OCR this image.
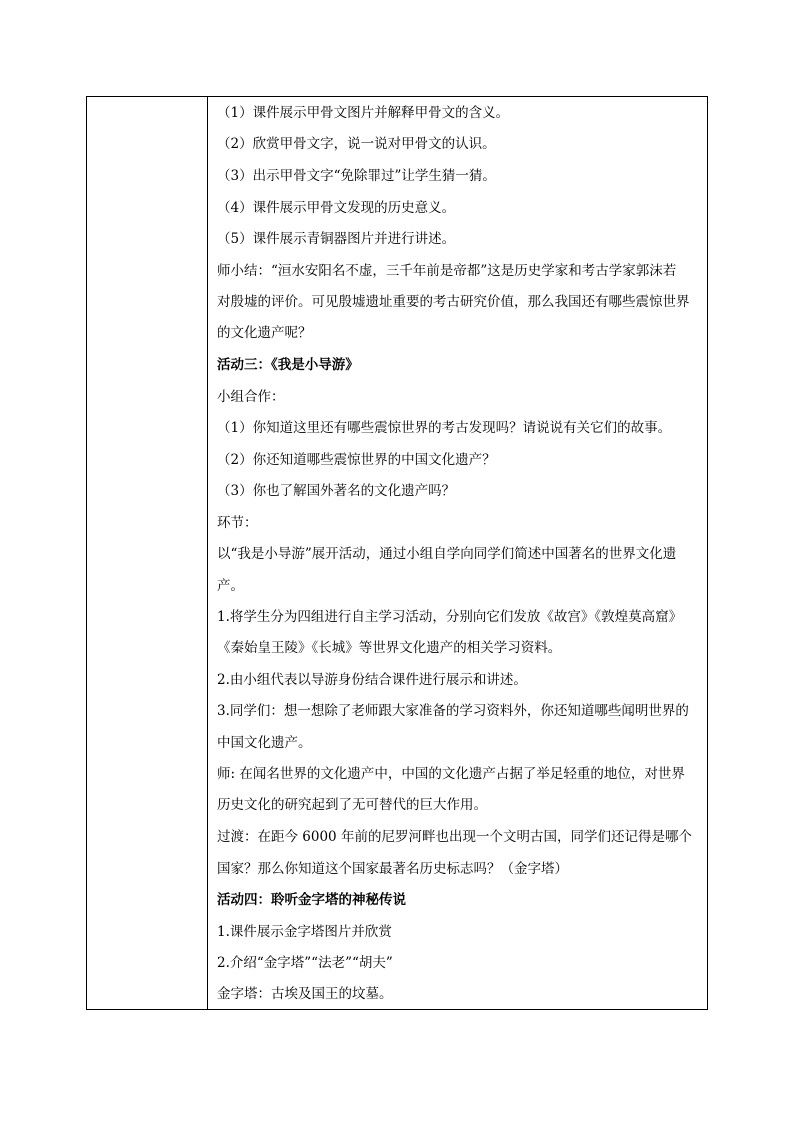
（1）课件展示甲骨文图片并解释甲骨文的含义。
（2）欣赏甲骨文字，说一说对甲骨文的认识。
（3）出示甲骨文字“免除罪过”让学生猜一猜。
（4）课件展示甲骨文发现的历史意义。
（5）课件展示青铜器图片并进行讲述。
师小结：“洹水安阳名不虚，三千年前是帝都”这是历史学家和考古学家郭沫若
对殷墟的评价。可见殷墟遗址重要的考古研究价值，那么我国还有哪些震惊世界
的文化遗产呢？
活动三：《我是小导游》
小组合作：
（1）你知道这里还有哪些震惊世界的考古发现吗？请说说有关它们的故事。
（2）你还知道哪些震惊世界的中国文化遗产？
（3）你也了解国外著名的文化遗产吗？
环节：
以“我是小导游”展开活动，通过小组自学向同学们简述中国著名的世界文化遗
产。
1.将学生分为四组进行自主学习活动，分别向它们发放《故宫》《敦煌莫高窟》
《秦始皇王陵》《长城》等世界文化遗产的相关学习资料。
2.由小组代表以导游身份结合课件进行展示和讲述。
3.同学们：想一想除了老师跟大家准备的学习资料外，你还知道哪些闻明世界的
中国文化遗产。
师: 在闻名世界的文化遗产中，中国的文化遗产占据了举足轻重的地位，对世界
历史文化的研究起到了无可替代的巨大作用。
过渡：在距今 6000 年前的尼罗河畔也出现一个文明古国，同学们还记得是哪个
国家？那么你知道这个国家最著名历史标志吗？（金字塔）
活动四：聆听金字塔的神秘传说
1.课件展示金字塔图片并欣赏
2.介绍“金字塔”“法老”“胡夫”
金字塔：古埃及国王的坟墓。
